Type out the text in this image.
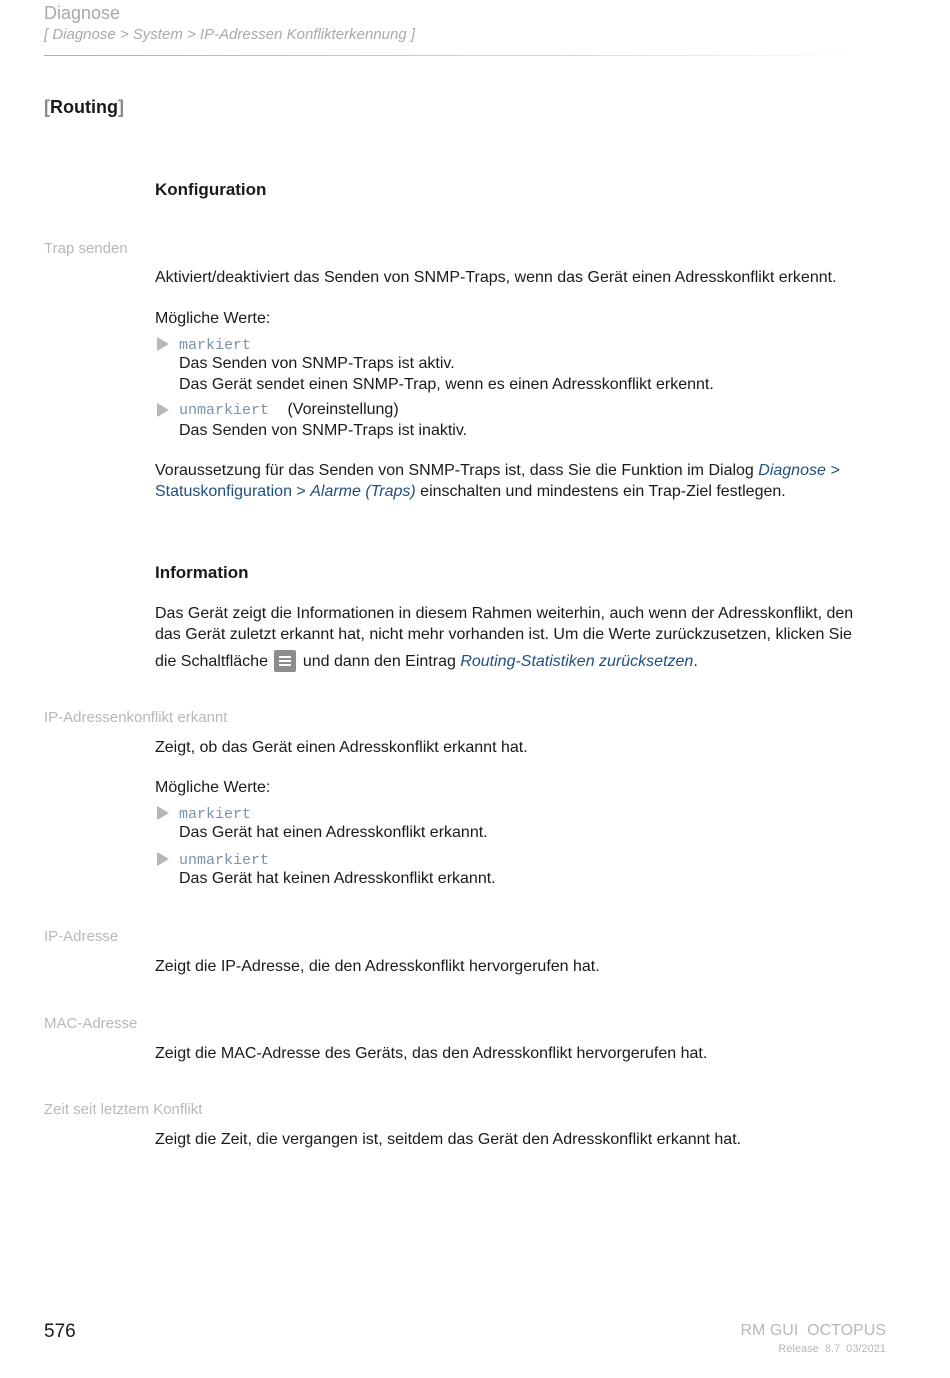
Diagnose
[ Diagnose > System > IP-Adressen Konflikterkennung ]
[Routing]
Konfiguration
Trap senden
Aktiviert/deaktiviert das Senden von SNMP-Traps, wenn das Gerät einen Adresskonflikt erkennt.
Mögliche Werte:
markiert
Das Senden von SNMP-Traps ist aktiv.
Das Gerät sendet einen SNMP-Trap, wenn es einen Adresskonflikt erkennt.
unmarkiert (Voreinstellung)
Das Senden von SNMP-Traps ist inaktiv.
Voraussetzung für das Senden von SNMP-Traps ist, dass Sie die Funktion im Dialog Diagnose >
Statuskonfiguration > Alarme (Traps) einschalten und mindestens ein Trap-Ziel festlegen.
Information
Das Gerät zeigt die Informationen in diesem Rahmen weiterhin, auch wenn der Adresskonflikt, den
das Gerät zuletzt erkannt hat, nicht mehr vorhanden ist. Um die Werte zurückzusetzen, klicken Sie
die Schaltfläche
und dann den Eintrag Routing-Statistiken zurücksetzen.
IP-Adressenkonflikt erkannt
Zeigt, ob das Gerät einen Adresskonflikt erkannt hat.
Mögliche Werte:
markiert
Das Gerät hat einen Adresskonflikt erkannt.
unmarkiert
Das Gerät hat keinen Adresskonflikt erkannt.
IP-Adresse
Zeigt die IP-Adresse, die den Adresskonflikt hervorgerufen hat.
MAC-Adresse
Zeigt die MAC-Adresse des Geräts, das den Adresskonflikt hervorgerufen hat.
Zeit seit letztem Konflikt
Zeigt die Zeit, die vergangen ist, seitdem das Gerät den Adresskonflikt erkannt hat.
576	RM GUI  OCTOPUS
Release  8.7  03/2021
